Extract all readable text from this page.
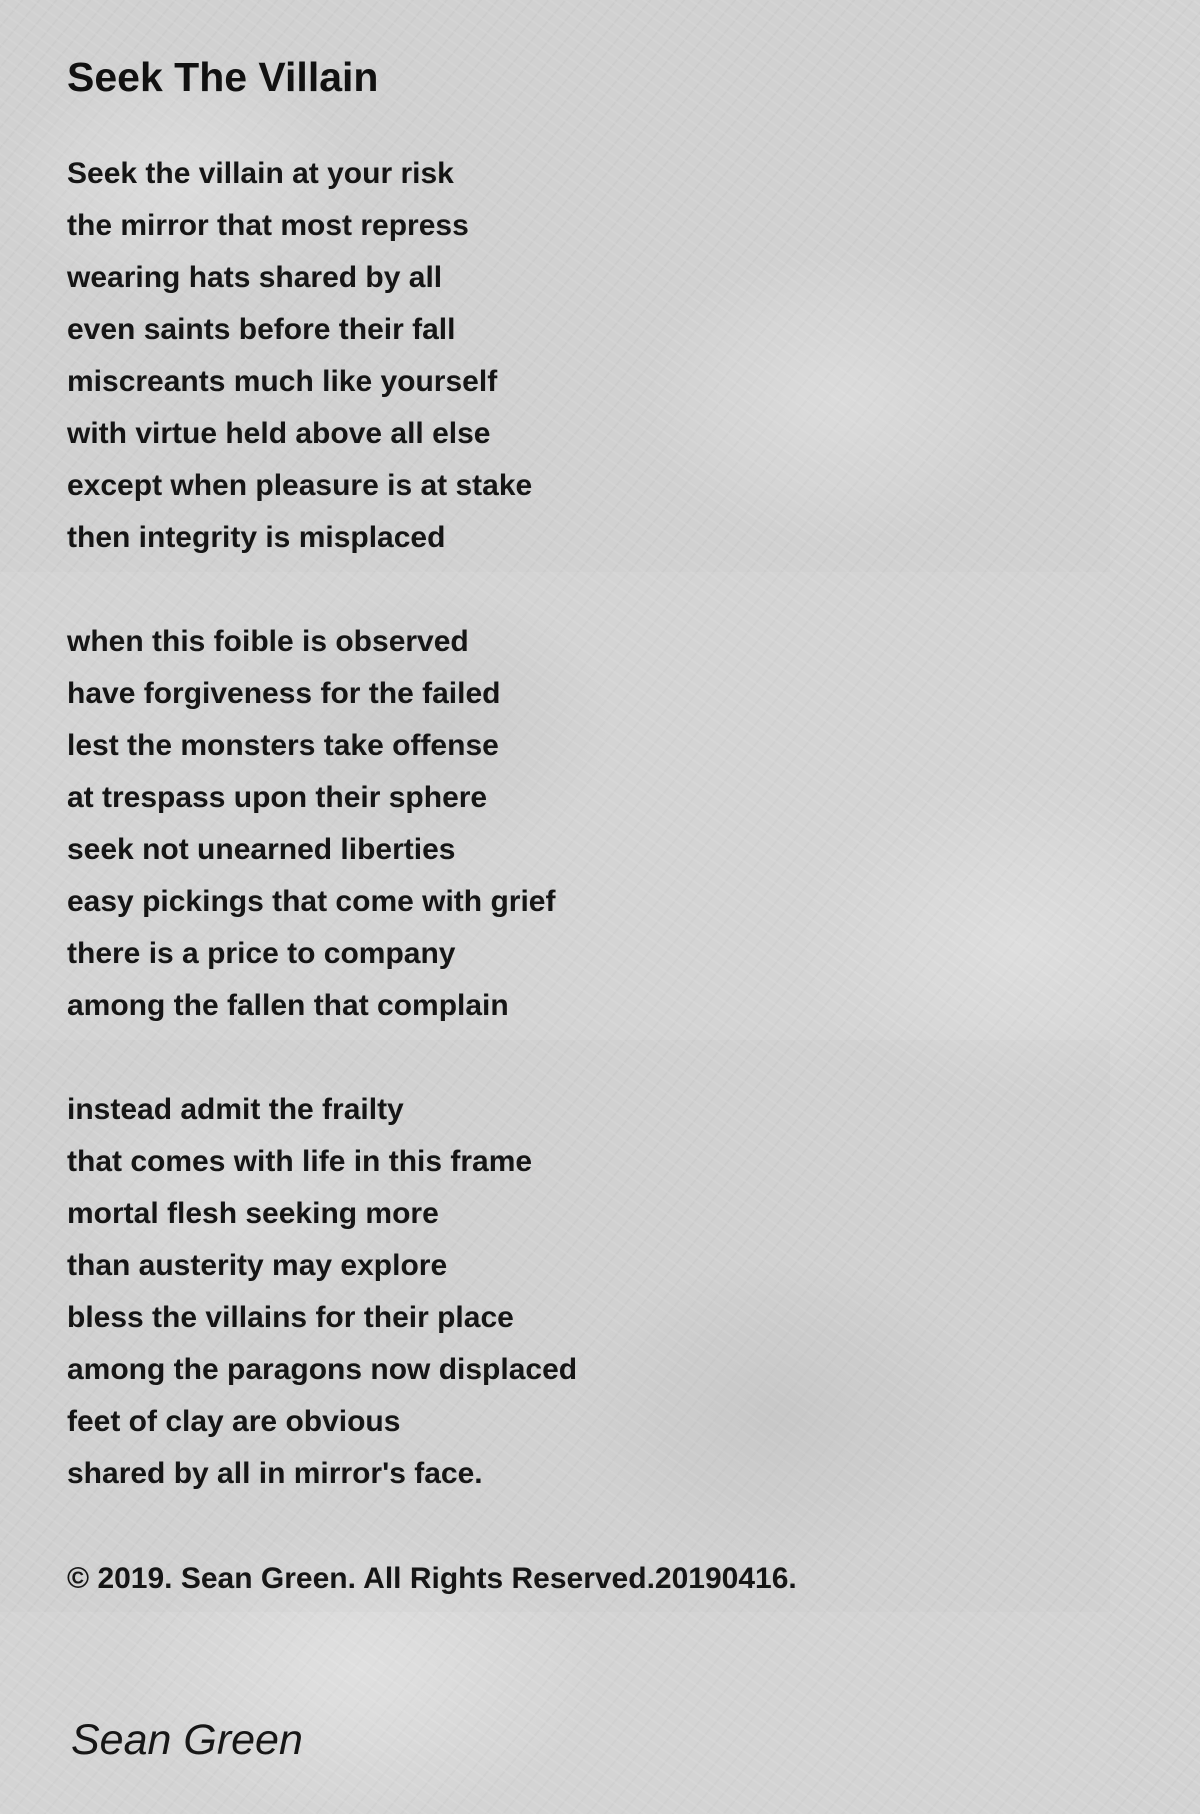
Seek The Villain
Seek the villain at your risk
the mirror that most repress
wearing hats shared by all
even saints before their fall
miscreants much like yourself
with virtue held above all else
except when pleasure is at stake
then integrity is misplaced
when this foible is observed
have forgiveness for the failed
lest the monsters take offense
at trespass upon their sphere
seek not unearned liberties
easy pickings that come with grief
there is a price to company
among the fallen that complain
instead admit the frailty
that comes with life in this frame
mortal flesh seeking more
than austerity may explore
bless the villains for their place
among the paragons now displaced
feet of clay are obvious
shared by all in mirror's face.

© 2019. Sean Green. All Rights Reserved.20190416.

Sean Green
